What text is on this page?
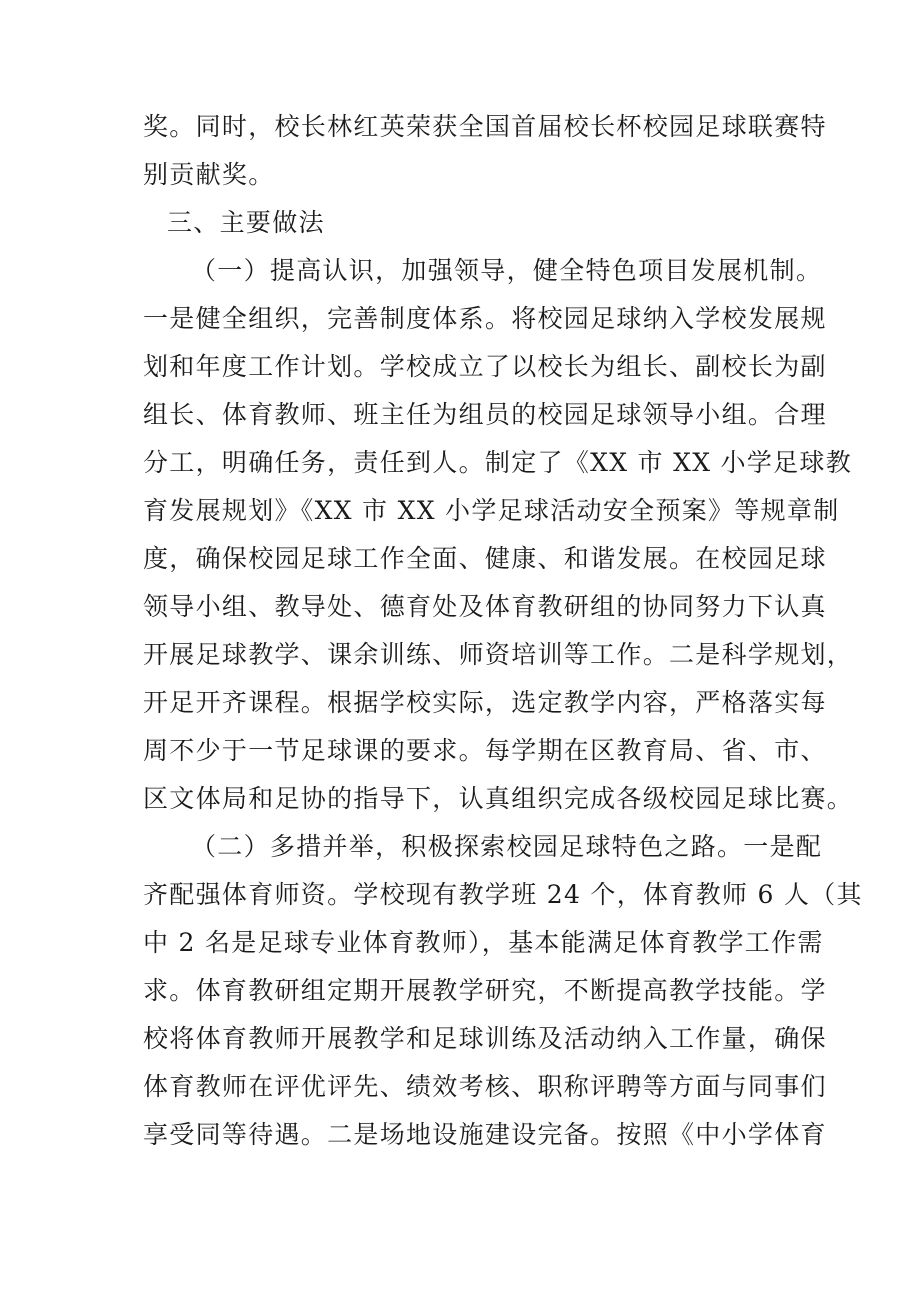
奖。同时，校长林红英荣获全国首届校长杯校园足球联赛特
别贡献奖。
三、主要做法
（一）提高认识，加强领导，健全特色项目发展机制。
一是健全组织，完善制度体系。将校园足球纳入学校发展规
划和年度工作计划。学校成立了以校长为组长、副校长为副
组长、体育教师、班主任为组员的校园足球领导小组。合理
分工，明确任务，责任到人。制定了《XX 市 XX 小学足球教
育发展规划》《XX 市 XX 小学足球活动安全预案》等规章制
度，确保校园足球工作全面、健康、和谐发展。在校园足球
领导小组、教导处、德育处及体育教研组的协同努力下认真
开展足球教学、课余训练、师资培训等工作。二是科学规划，
开足开齐课程。根据学校实际，选定教学内容，严格落实每
周不少于一节足球课的要求。每学期在区教育局、省、市、
区文体局和足协的指导下，认真组织完成各级校园足球比赛。
（二）多措并举，积极探索校园足球特色之路。一是配
齐配强体育师资。学校现有教学班 24 个，体育教师 6 人（其
中 2 名是足球专业体育教师），基本能满足体育教学工作需
求。体育教研组定期开展教学研究，不断提高教学技能。学
校将体育教师开展教学和足球训练及活动纳入工作量，确保
体育教师在评优评先、绩效考核、职称评聘等方面与同事们
享受同等待遇。二是场地设施建设完备。按照《中小学体育
